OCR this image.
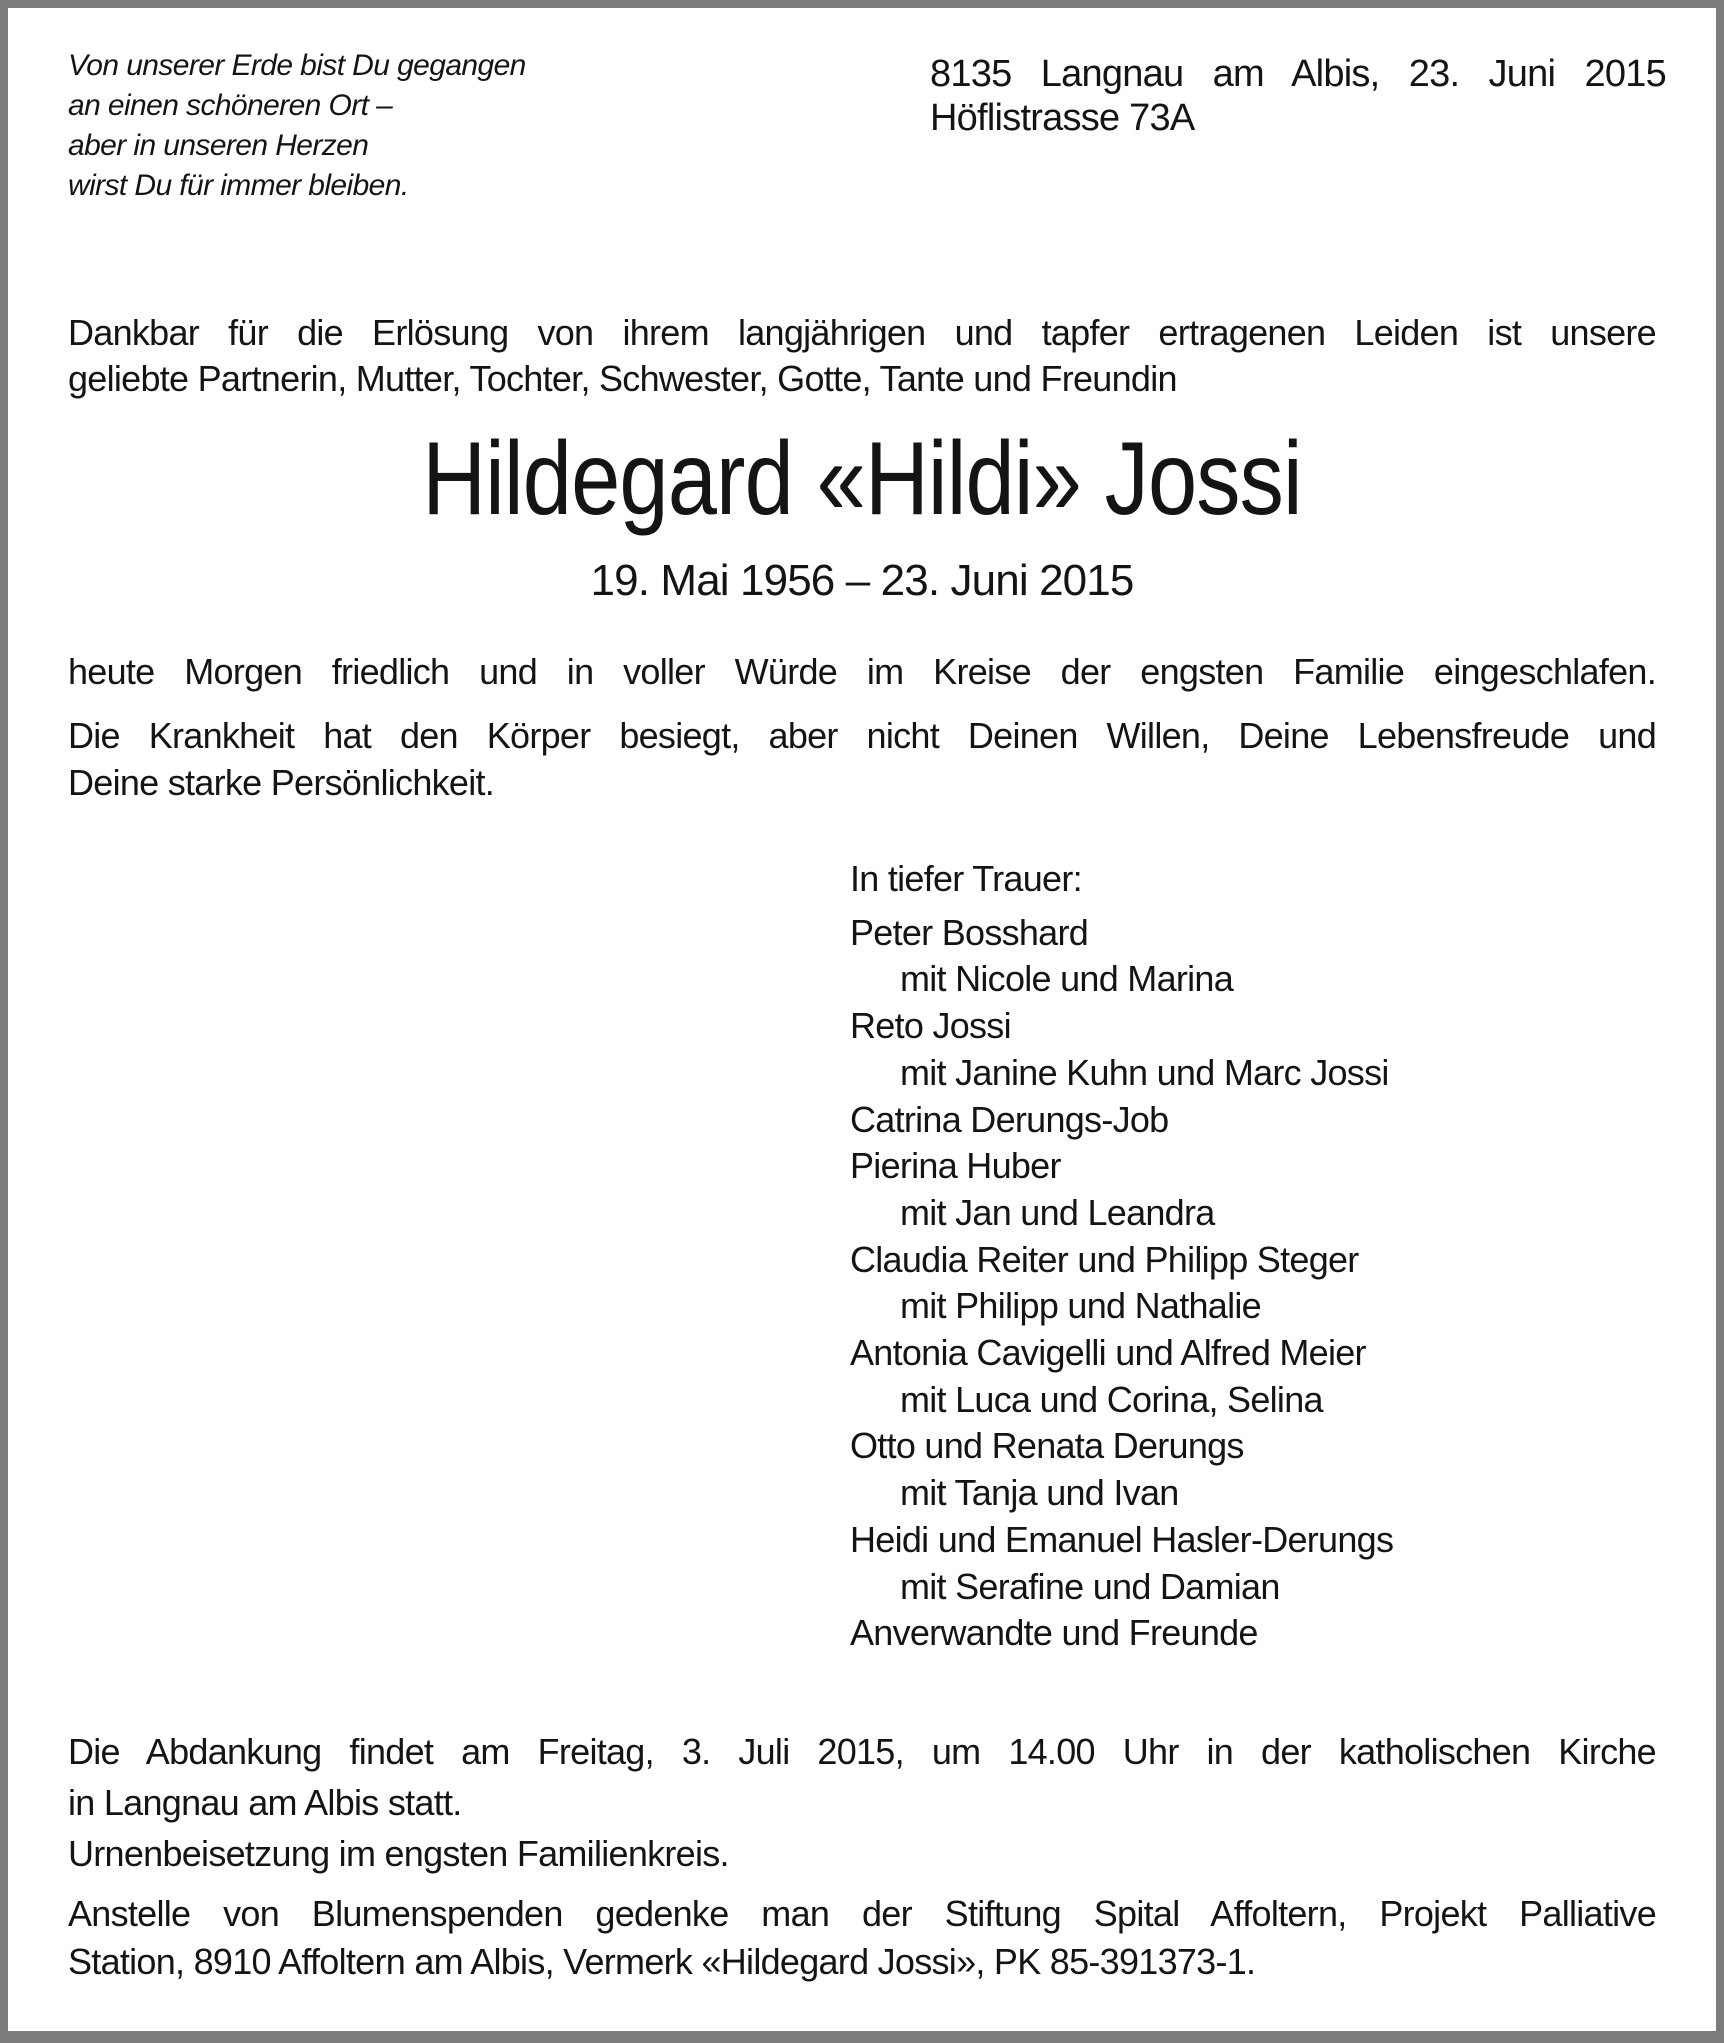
Von unserer Erde bist Du gegangen
an einen schöneren Ort –
aber in unseren Herzen
wirst Du für immer bleiben.
8135 Langnau am Albis, 23. Juni 2015
Höflistrasse 73A
Dankbar für die Erlösung von ihrem langjährigen und tapfer ertragenen Leiden ist unsere
geliebte Partnerin, Mutter, Tochter, Schwester, Gotte, Tante und Freundin
Hildegard «Hildi» Jossi
19. Mai 1956 – 23. Juni 2015
heute Morgen friedlich und in voller Würde im Kreise der engsten Familie eingeschlafen.
Die Krankheit hat den Körper besiegt, aber nicht Deinen Willen, Deine Lebensfreude und
Deine starke Persönlichkeit.
In tiefer Trauer:
Peter Bosshard
mit Nicole und Marina
Reto Jossi
mit Janine Kuhn und Marc Jossi
Catrina Derungs-Job
Pierina Huber
mit Jan und Leandra
Claudia Reiter und Philipp Steger
mit Philipp und Nathalie
Antonia Cavigelli und Alfred Meier
mit Luca und Corina, Selina
Otto und Renata Derungs
mit Tanja und Ivan
Heidi und Emanuel Hasler-Derungs
mit Serafine und Damian
Anverwandte und Freunde
Die Abdankung findet am Freitag, 3. Juli 2015, um 14.00 Uhr in der katholischen Kirche
in Langnau am Albis statt.
Urnenbeisetzung im engsten Familienkreis.
Anstelle von Blumenspenden gedenke man der Stiftung Spital Affoltern, Projekt Palliative
Station, 8910 Affoltern am Albis, Vermerk «Hildegard Jossi», PK 85-391373-1.
